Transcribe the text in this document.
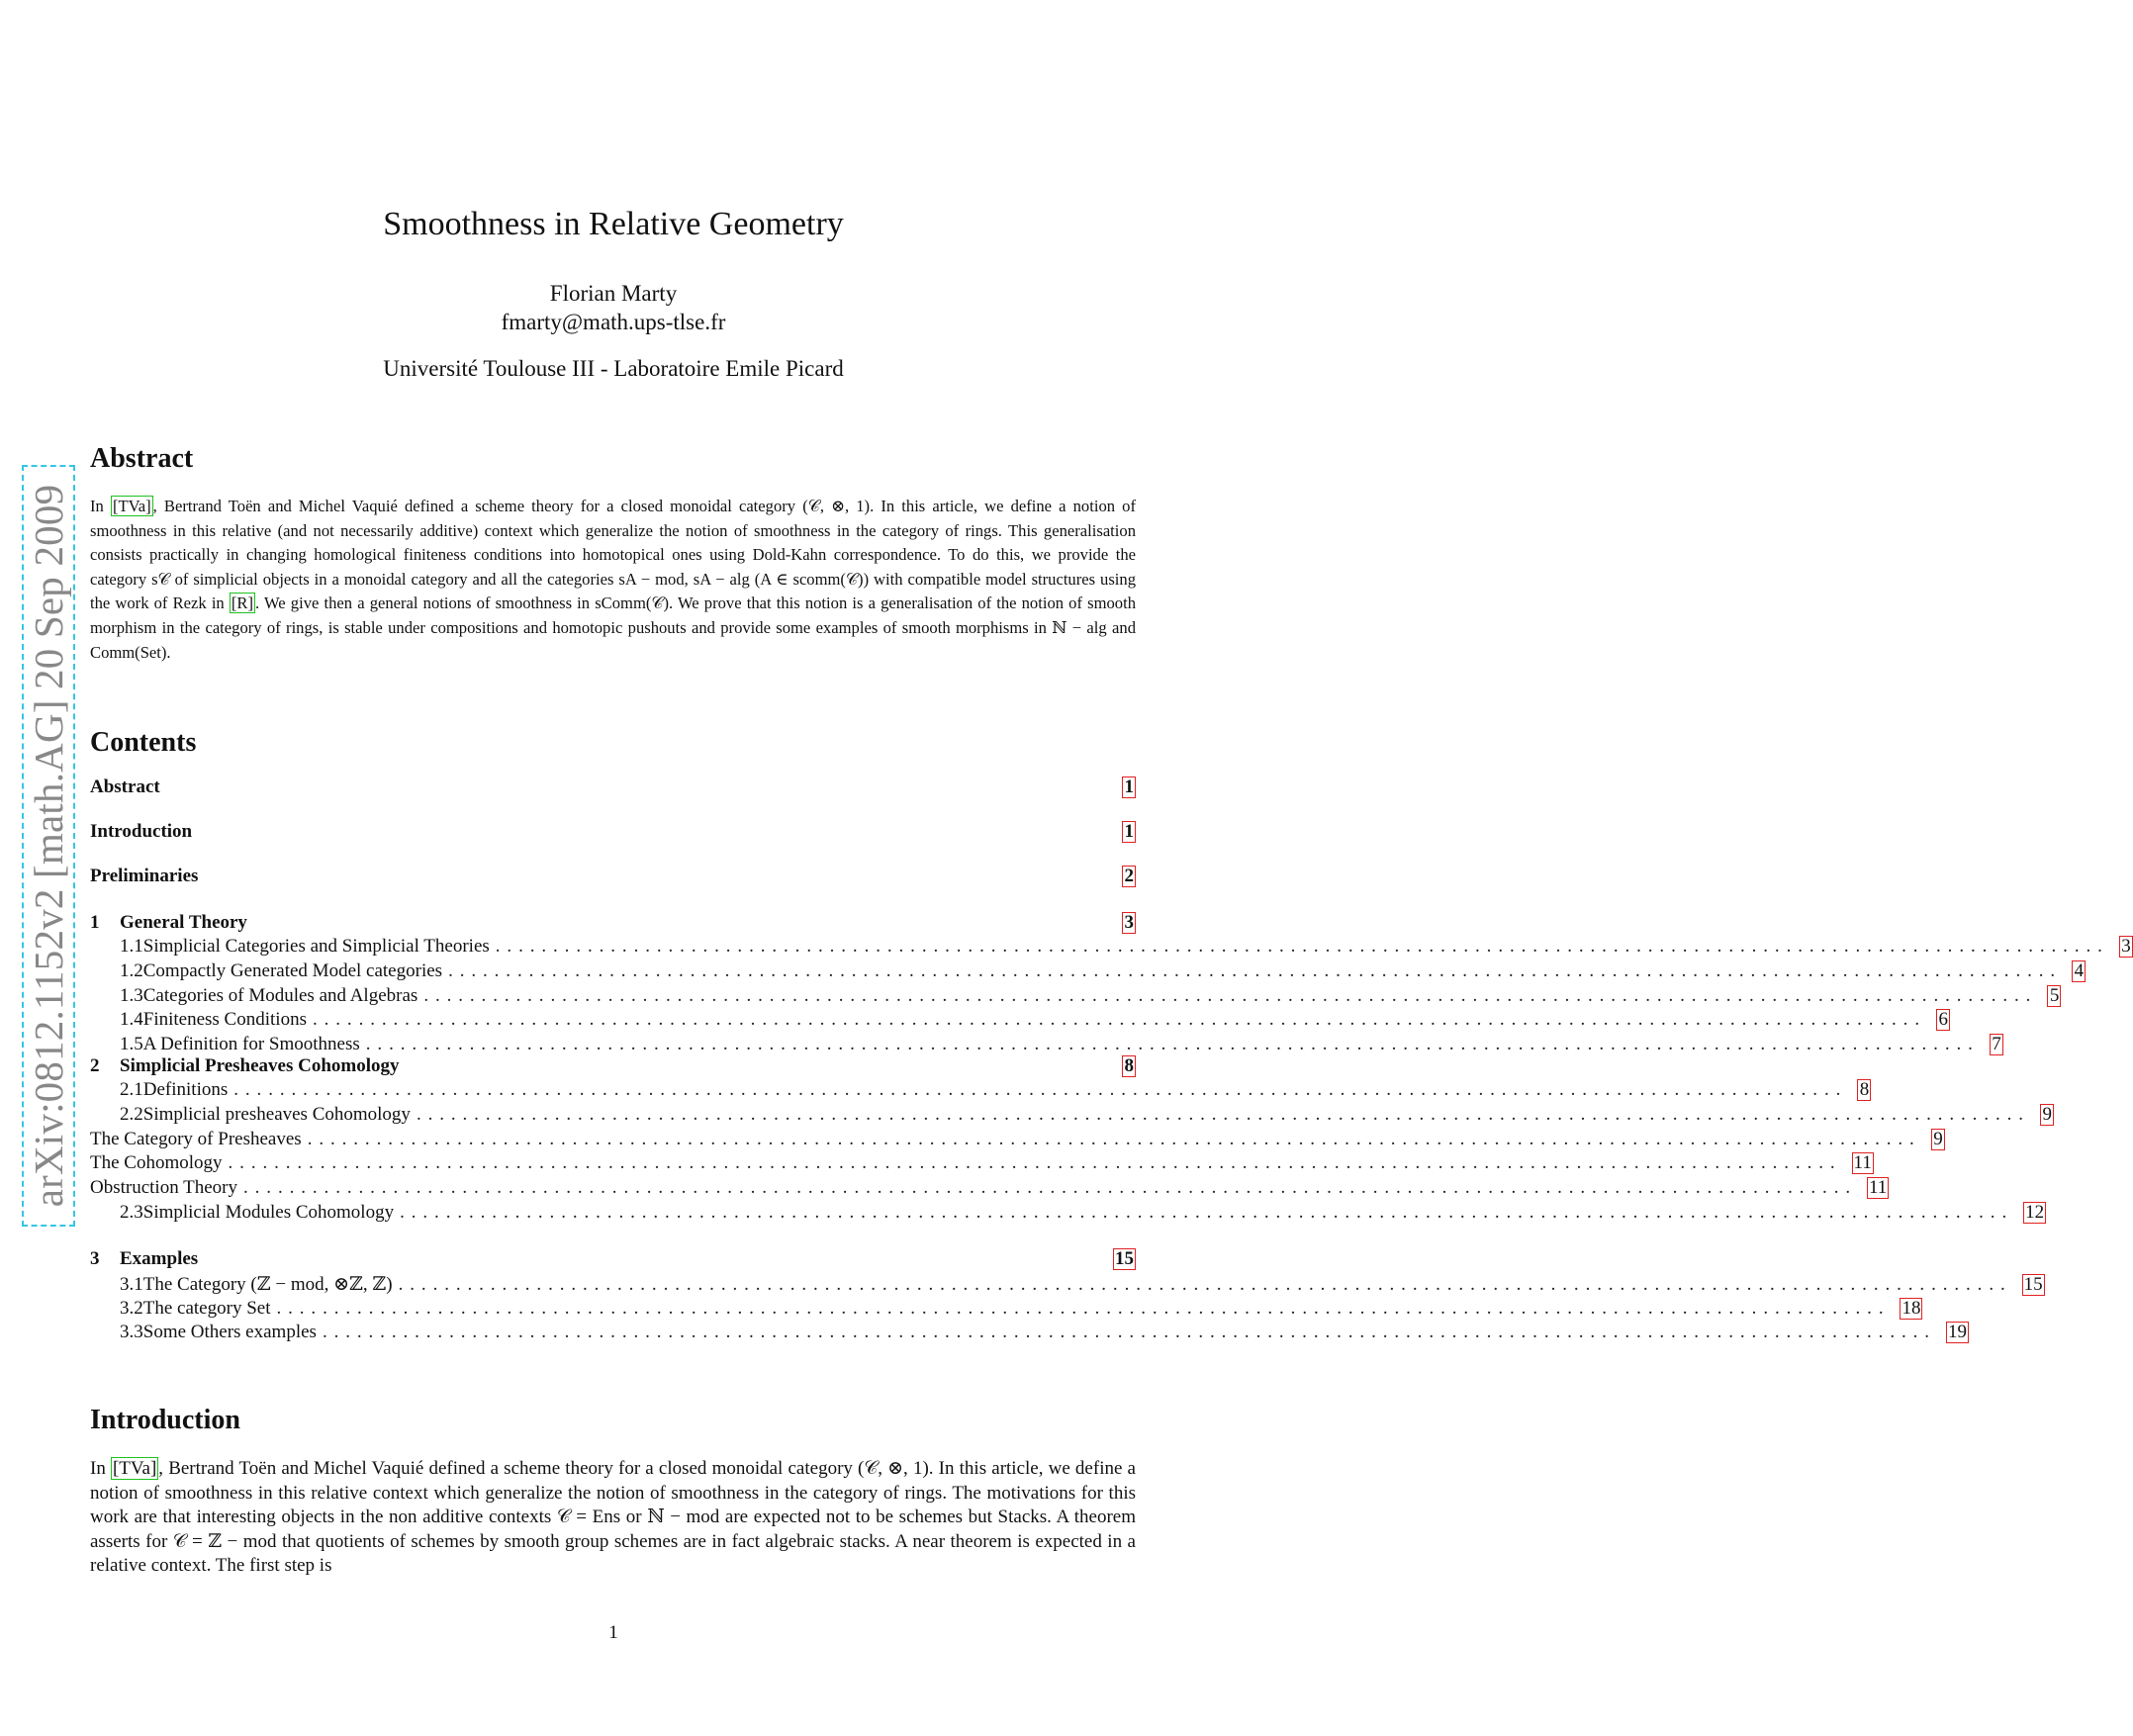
arXiv:0812.1152v2 [math.AG] 20 Sep 2009
Smoothness in Relative Geometry
Florian Marty
fmarty@math.ups-tlse.fr
Université Toulouse III - Laboratoire Emile Picard
Abstract
In [TVa] , Bertrand Toën and Michel Vaquié defined a scheme theory for a closed monoidal category (𝒞, ⊗, 1). In this article, we define a notion of smoothness in this relative (and not necessarily additive) context which generalize the notion of smoothness in the category of rings. This generalisation consists practically in changing homological finiteness conditions into homotopical ones using Dold-Kahn correspondence. To do this, we provide the category s𝒞 of simplicial objects in a monoidal category and all the categories sA − mod, sA − alg (A ∈ scomm(𝒞)) with compatible model structures using the work of Rezk in [R] . We give then a general notions of smoothness in sComm(𝒞). We prove that this notion is a generalisation of the notion of smooth morphism in the category of rings, is stable under compositions and homotopic pushouts and provide some examples of smooth morphisms in ℕ − alg and Comm(Set).
Contents
Abstract	1
Introduction	1
Preliminaries	2
1	General Theory	3
1.1 Simplicial Categories and Simplicial Theories ............................................................................................................................................ 3
1.2 Compactly Generated Model categories ............................................................................................................................................ 4
1.3 Categories of Modules and Algebras ............................................................................................................................................ 5
1.4 Finiteness Conditions ............................................................................................................................................ 6
1.5 A Definition for Smoothness ............................................................................................................................................ 7
2	Simplicial Presheaves Cohomology	8
2.1 Definitions ............................................................................................................................................ 8
2.2 Simplicial presheaves Cohomology ............................................................................................................................................ 9
The Category of Presheaves ............................................................................................................................................ 9
The Cohomology ............................................................................................................................................ 11
Obstruction Theory ............................................................................................................................................ 11
2.3 Simplicial Modules Cohomology ............................................................................................................................................ 12
3	Examples	15
3.1 The Category (ℤ − mod, ⊗ℤ, ℤ) ............................................................................................................................................ 15
3.2 The category Set ............................................................................................................................................ 18
3.3 Some Others examples ............................................................................................................................................ 19
Introduction
In [TVa] , Bertrand Toën and Michel Vaquié defined a scheme theory for a closed monoidal category (𝒞, ⊗, 1). In this article, we define a notion of smoothness in this relative context which generalize the notion of smoothness in the category of rings. The motivations for this work are that interesting objects in the non additive contexts 𝒞 = Ens or ℕ − mod are expected not to be schemes but Stacks. A theorem asserts for 𝒞 = ℤ − mod that quotients of schemes by smooth group schemes are in fact algebraic stacks. A near theorem is expected in a relative context. The first step is
1
